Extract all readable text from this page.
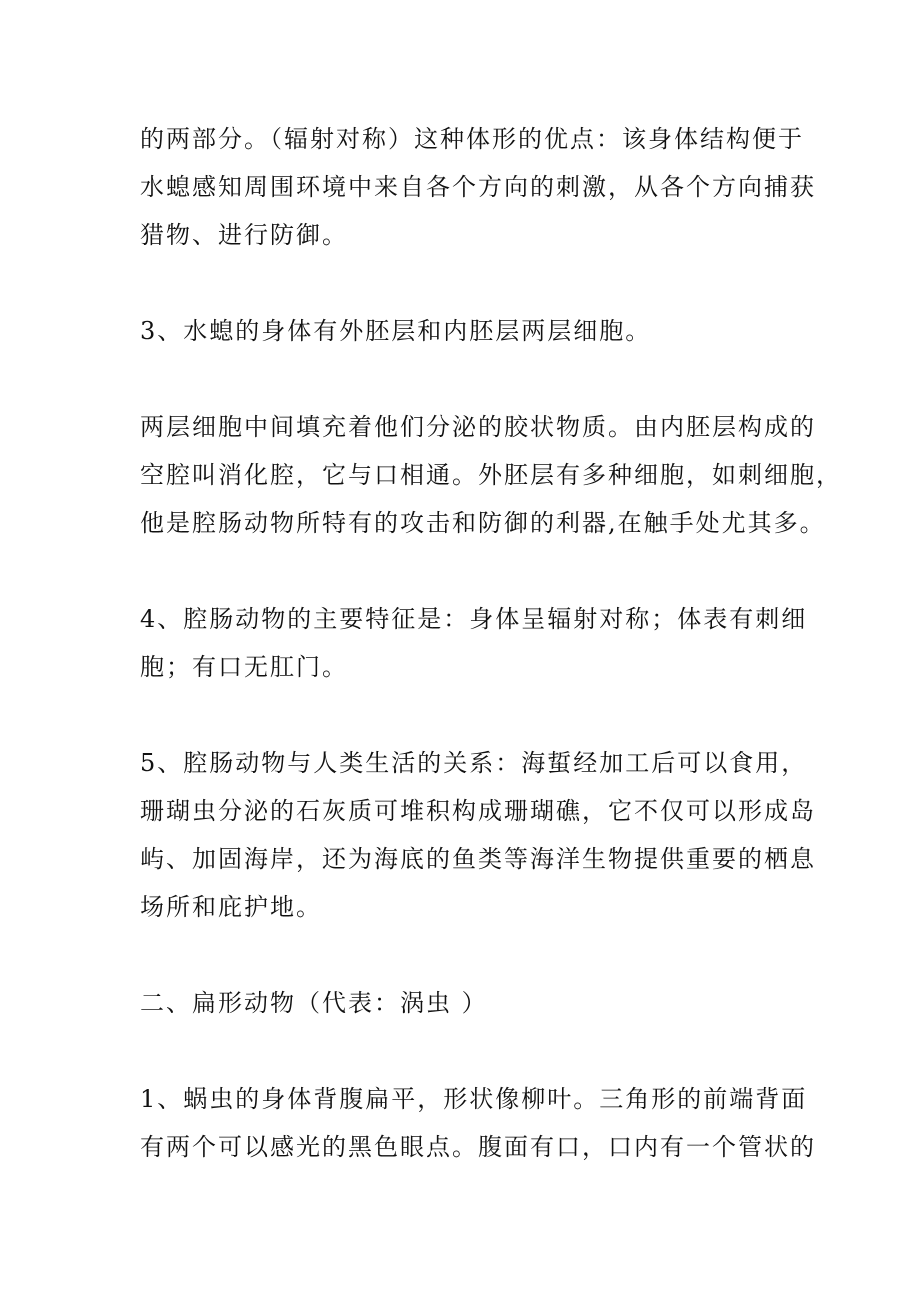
的两部分。（辐射对称）这种体形的优点：该身体结构便于
水螅感知周围环境中来自各个方向的刺激，从各个方向捕获
猎物、进行防御。
3、水螅的身体有外胚层和内胚层两层细胞。
两层细胞中间填充着他们分泌的胶状物质。由内胚层构成的
空腔叫消化腔，它与口相通。外胚层有多种细胞，如刺细胞，
他是腔肠动物所特有的攻击和防御的利器,在触手处尤其多。
4、腔肠动物的主要特征是：身体呈辐射对称；体表有刺细
胞；有口无肛门。
5、腔肠动物与人类生活的关系：海蜇经加工后可以食用，
珊瑚虫分泌的石灰质可堆积构成珊瑚礁，它不仅可以形成岛
屿、加固海岸，还为海底的鱼类等海洋生物提供重要的栖息
场所和庇护地。
二、扁形动物（代表：涡虫 ）
1、蜗虫的身体背腹扁平，形状像柳叶。三角形的前端背面
有两个可以感光的黑色眼点。腹面有口，口内有一个管状的
